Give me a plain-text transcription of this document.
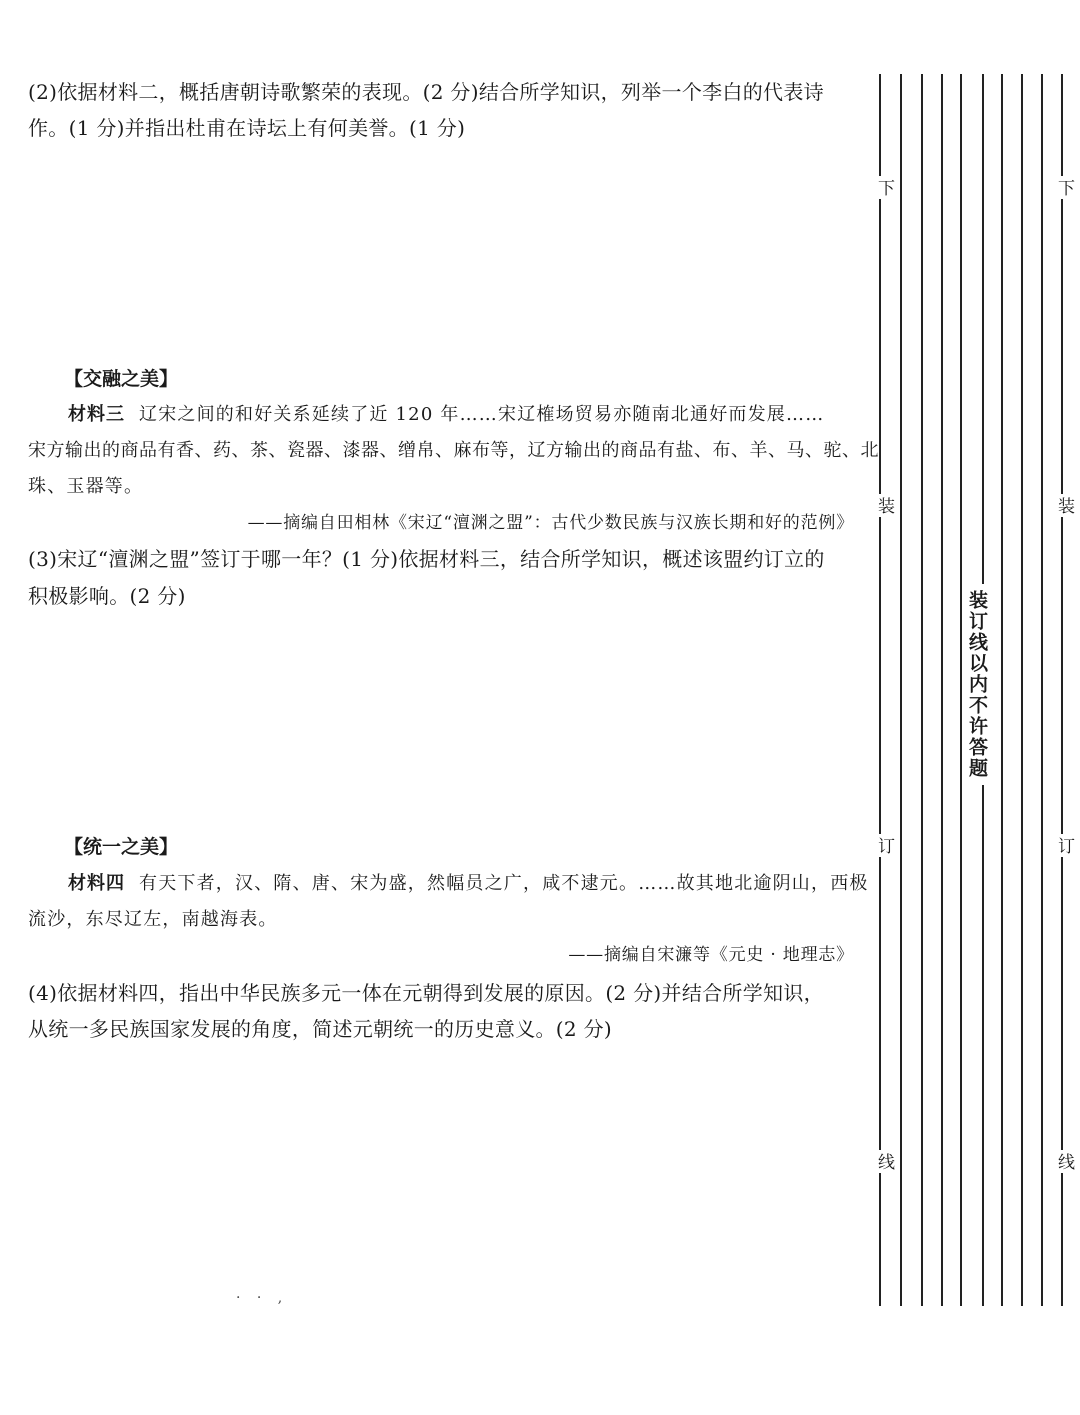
(2)依据材料二，概括唐朝诗歌繁荣的表现。(2 分)结合所学知识，列举一个李白的代表诗
作。(1 分)并指出杜甫在诗坛上有何美誉。(1 分)
【交融之美】
材料三 辽宋之间的和好关系延续了近 120 年……宋辽榷场贸易亦随南北通好而发展……
宋方输出的商品有香、药、茶、瓷器、漆器、缯帛、麻布等，辽方输出的商品有盐、布、羊、马、驼、北
珠、玉器等。
——摘编自田相林《宋辽“澶渊之盟”：古代少数民族与汉族长期和好的范例》
(3)宋辽“澶渊之盟”签订于哪一年？(1 分)依据材料三，结合所学知识，概述该盟约订立的
积极影响。(2 分)
【统一之美】
材料四 有天下者，汉、隋、唐、宋为盛，然幅员之广，咸不逮元。……故其地北逾阴山，西极
流沙，东尽辽左，南越海表。
——摘编自宋濂等《元史 · 地理志》
(4)依据材料四，指出中华民族多元一体在元朝得到发展的原因。(2 分)并结合所学知识，
从统一多民族国家发展的角度，简述元朝统一的历史意义。(2 分)
· · ,
下
装
订
线
下
装
订
线
装订线以内不许答题
